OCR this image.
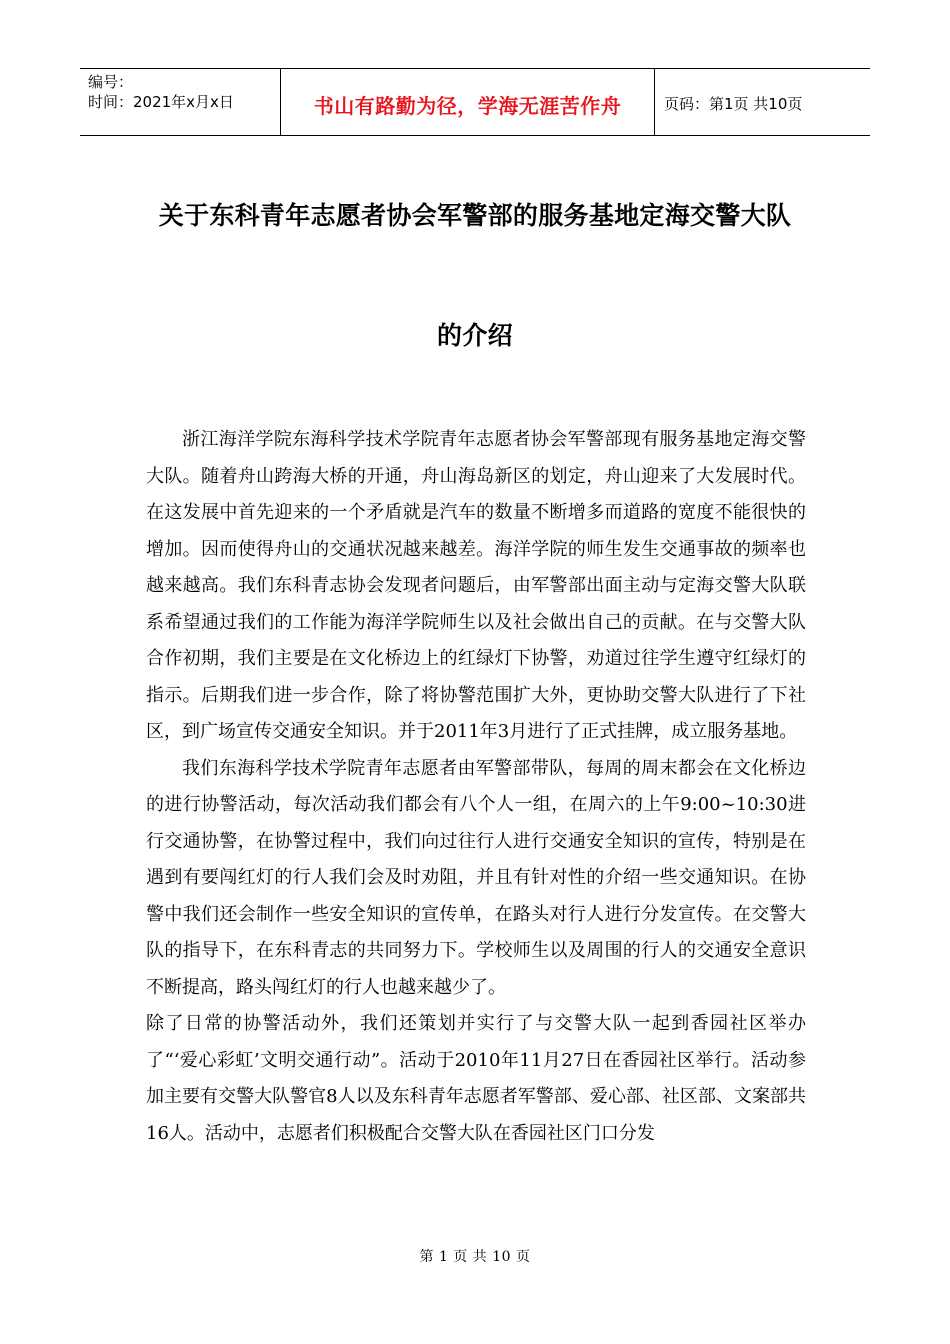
编号：
时间：2021年x月x日	书山有路勤为径，学海无涯苦作舟	页码：第1页 共10页
关于东科青年志愿者协会军警部的服务基地定海交警大队
的介绍

浙江海洋学院东海科学技术学院青年志愿者协会军警部现有服务基地定海交警大队。随着舟山跨海大桥的开通，舟山海岛新区的划定，舟山迎来了大发展时代。在这发展中首先迎来的一个矛盾就是汽车的数量不断增多而道路的宽度不能很快的增加。因而使得舟山的交通状况越来越差。海洋学院的师生发生交通事故的频率也越来越高。我们东科青志协会发现者问题后，由军警部出面主动与定海交警大队联系希望通过我们的工作能为海洋学院师生以及社会做出自己的贡献。在与交警大队合作初期，我们主要是在文化桥边上的红绿灯下协警，劝道过往学生遵守红绿灯的指示。后期我们进一步合作，除了将协警范围扩大外，更协助交警大队进行了下社区，到广场宣传交通安全知识。并于2011年3月进行了正式挂牌，成立服务基地。

我们东海科学技术学院青年志愿者由军警部带队，每周的周末都会在文化桥边的进行协警活动，每次活动我们都会有八个人一组，在周六的上午9:00~10:30进行交通协警，在协警过程中，我们向过往行人进行交通安全知识的宣传，特别是在遇到有要闯红灯的行人我们会及时劝阻，并且有针对性的介绍一些交通知识。在协警中我们还会制作一些安全知识的宣传单，在路头对行人进行分发宣传。在交警大队的指导下，在东科青志的共同努力下。学校师生以及周围的行人的交通安全意识不断提高，路头闯红灯的行人也越来越少了。

除了日常的协警活动外，我们还策划并实行了与交警大队一起到香园社区举办了“‘爱心彩虹’文明交通行动”。活动于2010年11月27日在香园社区举行。活动参加主要有交警大队警官8人以及东科青年志愿者军警部、爱心部、社区部、文案部共16人。活动中，志愿者们积极配合交警大队在香园社区门口分发

第 1 页 共 10 页
